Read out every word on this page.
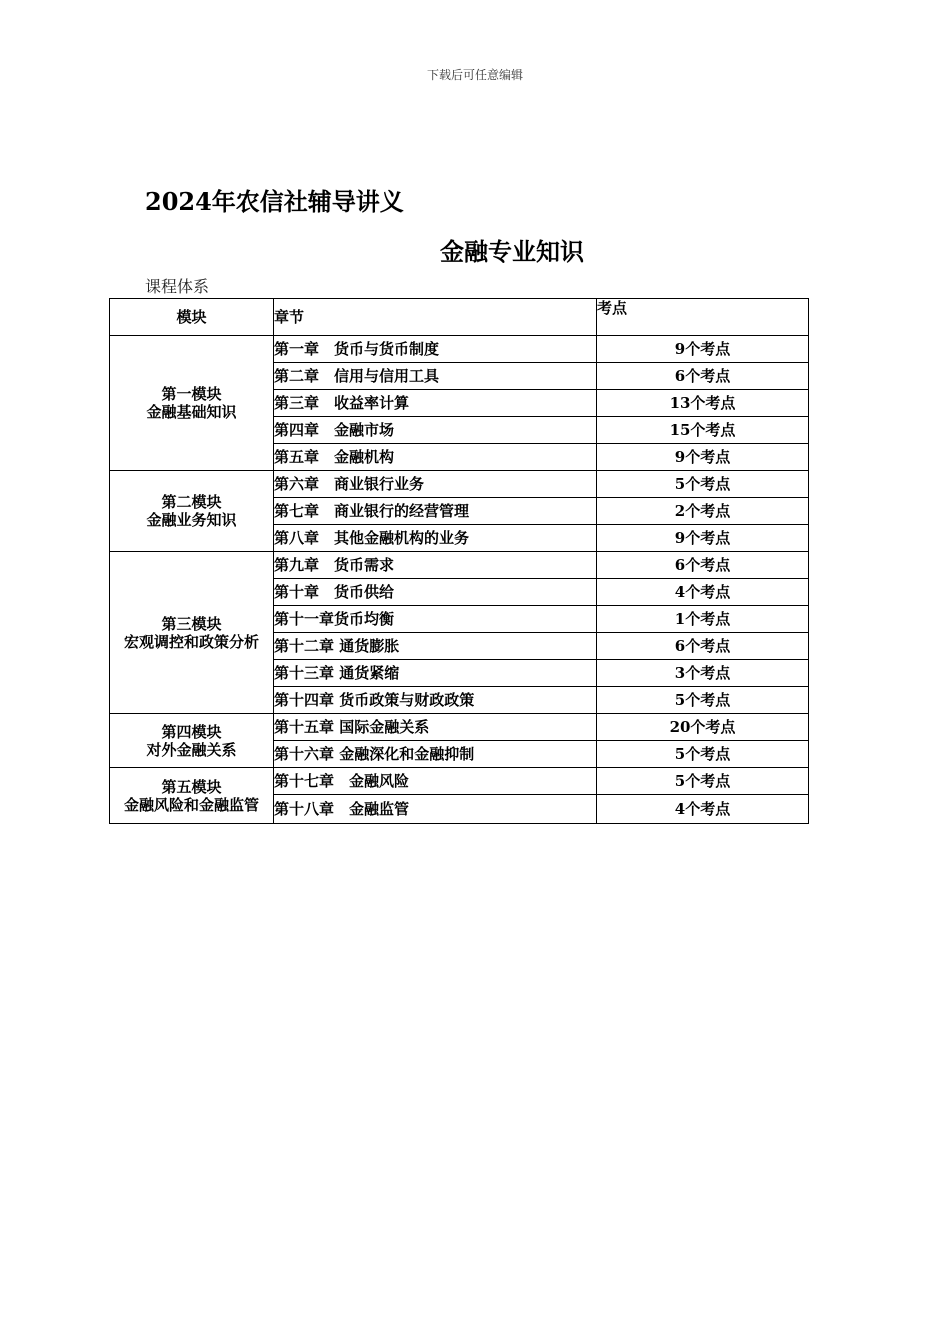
下载后可任意编辑
2024年农信社辅导讲义
金融专业知识
课程体系
模块	章节	考点

第一模块
金融基础知识	第一章　货币与货币制度	9个考点
	第二章　信用与信用工具	6个考点
	第三章　收益率计算	13个考点
	第四章　金融市场	15个考点
	第五章　金融机构	9个考点

第二模块
金融业务知识	第六章　商业银行业务	5个考点
	第七章　商业银行的经营管理	2个考点
	第八章　其他金融机构的业务	9个考点

第三模块
宏观调控和政策分析	第九章　货币需求	6个考点
	第十章　货币供给	4个考点
	第十一章货币均衡	1个考点
	第十二章 通货膨胀	6个考点
	第十三章 通货紧缩	3个考点
	第十四章 货币政策与财政政策	5个考点

第四模块
对外金融关系	第十五章 国际金融关系	20个考点
	第十六章 金融深化和金融抑制	5个考点

第五模块
金融风险和金融监管	第十七章　金融风险	5个考点
	第十八章　金融监管	4个考点
